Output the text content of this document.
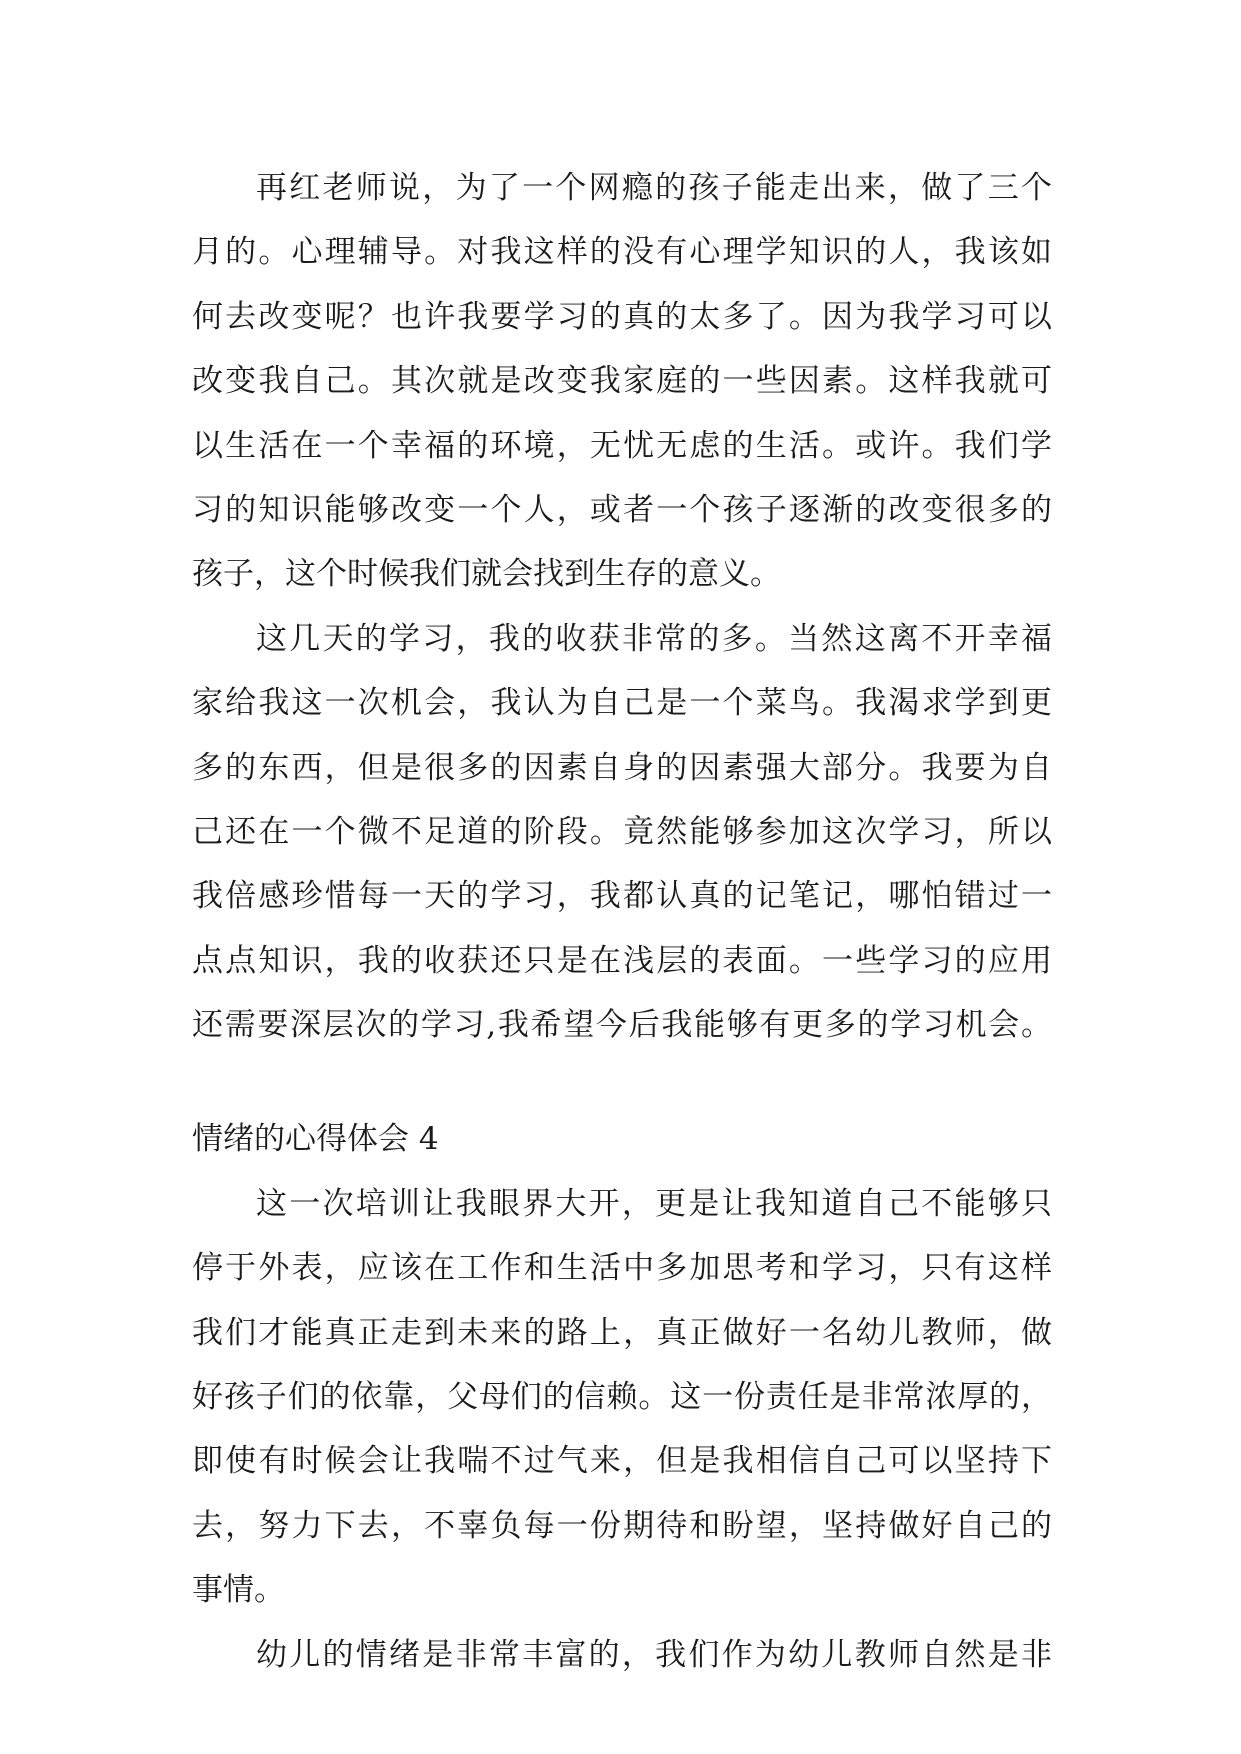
再红老师说，为了一个网瘾的孩子能走出来，做了三个
月的。心理辅导。对我这样的没有心理学知识的人，我该如
何去改变呢？也许我要学习的真的太多了。因为我学习可以
改变我自己。其次就是改变我家庭的一些因素。这样我就可
以生活在一个幸福的环境，无忧无虑的生活。或许。我们学
习的知识能够改变一个人，或者一个孩子逐渐的改变很多的
孩子，这个时候我们就会找到生存的意义。
这几天的学习，我的收获非常的多。当然这离不开幸福
家给我这一次机会，我认为自己是一个菜鸟。我渴求学到更
多的东西，但是很多的因素自身的因素强大部分。我要为自
己还在一个微不足道的阶段。竟然能够参加这次学习，所以
我倍感珍惜每一天的学习，我都认真的记笔记，哪怕错过一
点点知识，我的收获还只是在浅层的表面。一些学习的应用
还需要深层次的学习,我希望今后我能够有更多的学习机会。
情绪的心得体会 4
这一次培训让我眼界大开，更是让我知道自己不能够只
停于外表，应该在工作和生活中多加思考和学习，只有这样
我们才能真正走到未来的路上，真正做好一名幼儿教师，做
好孩子们的依靠，父母们的信赖。这一份责任是非常浓厚的，
即使有时候会让我喘不过气来，但是我相信自己可以坚持下
去，努力下去，不辜负每一份期待和盼望，坚持做好自己的
事情。
幼儿的情绪是非常丰富的，我们作为幼儿教师自然是非
